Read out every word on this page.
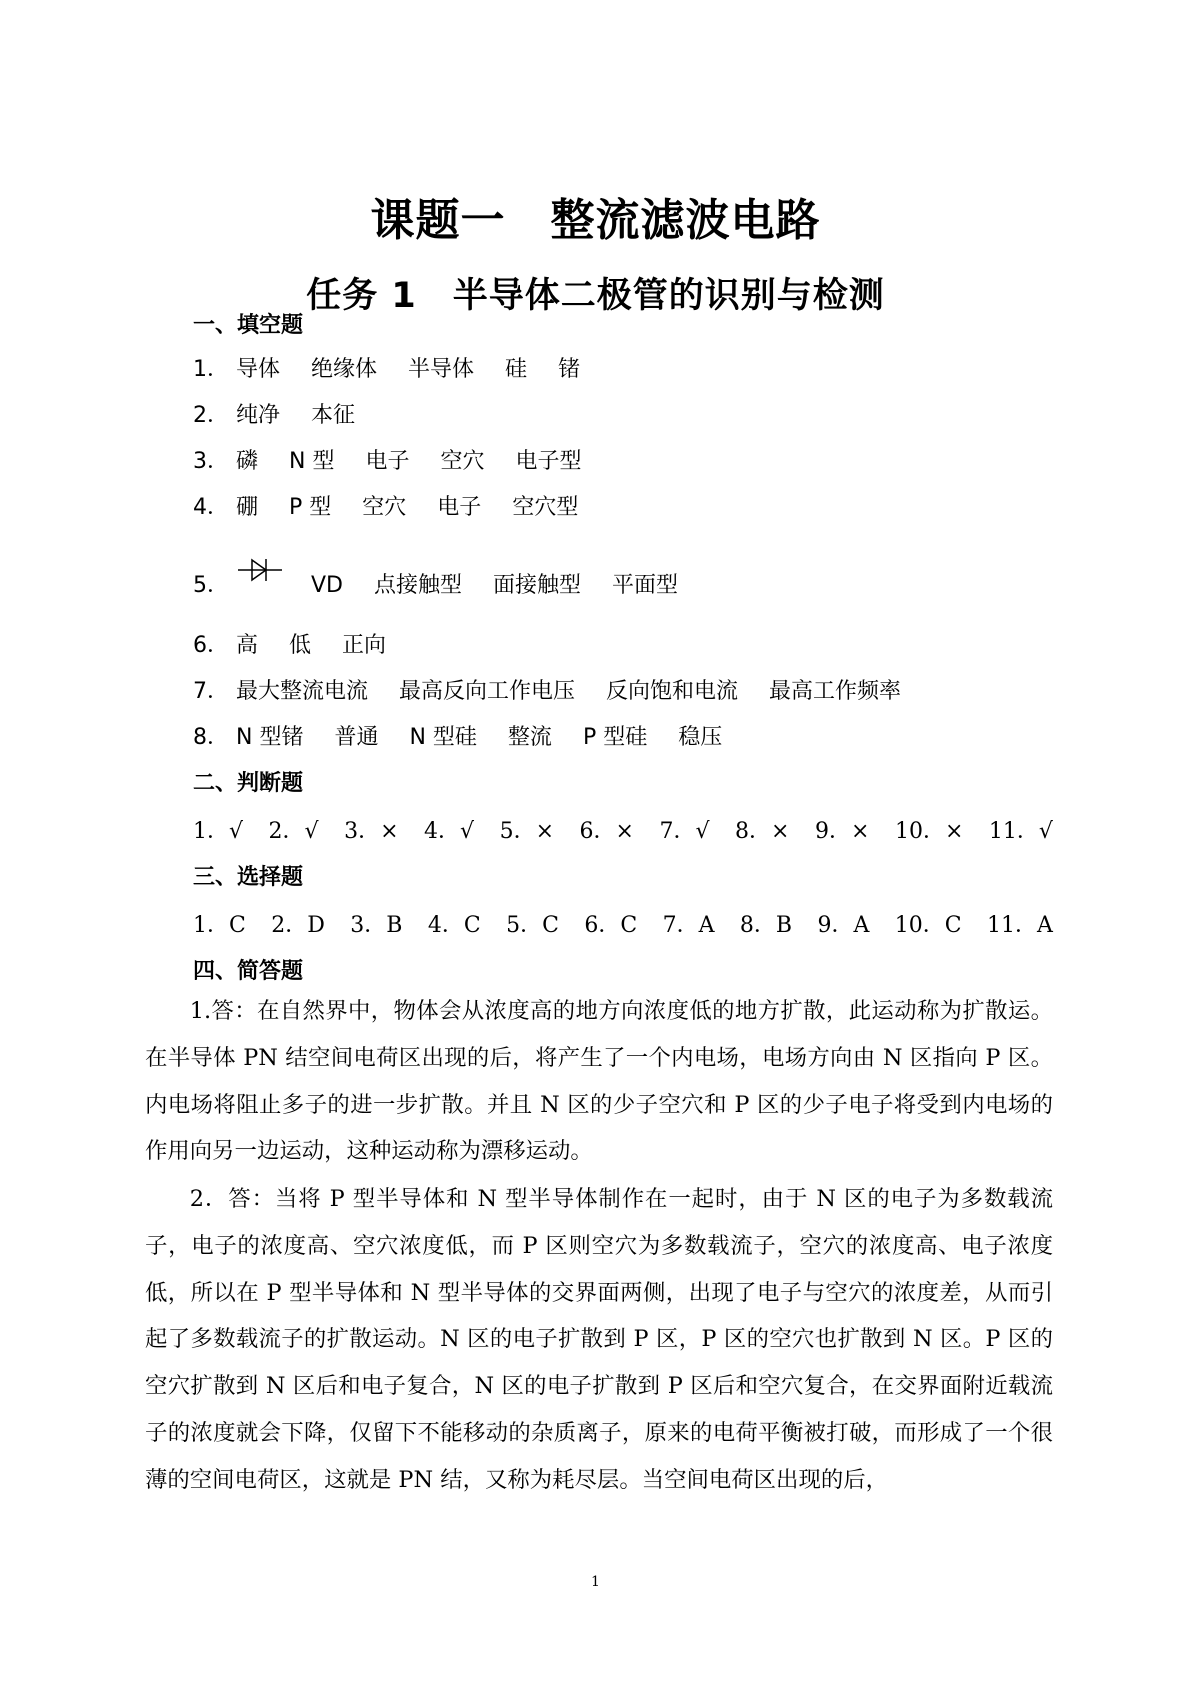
课题一　整流滤波电路
任务 1　半导体二极管的识别与检测
一、填空题
1． 导体 绝缘体 半导体 硅 锗
2． 纯净 本征
3． 磷 N 型 电子 空穴 电子型
4． 硼 P 型 空穴 电子 空穴型
5．	VD 点接触型 面接触型 平面型
6． 高 低 正向
7． 最大整流电流 最高反向工作电压 反向饱和电流 最高工作频率
8． N 型锗 普通 N 型硅 整流 P 型硅 稳压
二、判断题
1．√ 2．√ 3．× 4．√ 5．× 6．× 7．√ 8．× 9．× 10．× 11．√
三、选择题
1．C 2．D 3．B 4．C 5．C 6．C 7．A 8．B 9．A 10．C 11．A
四、简答题
1.答：在自然界中，物体会从浓度高的地方向浓度低的地方扩散，此运动称为扩散运。在半导体 PN 结空间电荷区出现的后，将产生了一个内电场，电场方向由 N 区指向 P 区。内电场将阻止多子的进一步扩散。并且 N 区的少子空穴和 P 区的少子电子将受到内电场的作用向另一边运动，这种运动称为漂移运动。
2．答：当将 P 型半导体和 N 型半导体制作在一起时，由于 N 区的电子为多数载流子，电子的浓度高、空穴浓度低，而 P 区则空穴为多数载流子，空穴的浓度高、电子浓度低，所以在 P 型半导体和 N 型半导体的交界面两侧，出现了电子与空穴的浓度差，从而引起了多数载流子的扩散运动。N 区的电子扩散到 P 区，P 区的空穴也扩散到 N 区。P 区的空穴扩散到 N 区后和电子复合，N 区的电子扩散到 P 区后和空穴复合，在交界面附近载流子的浓度就会下降，仅留下不能移动的杂质离子，原来的电荷平衡被打破，而形成了一个很薄的空间电荷区，这就是 PN 结，又称为耗尽层。当空间电荷区出现的后，
1
